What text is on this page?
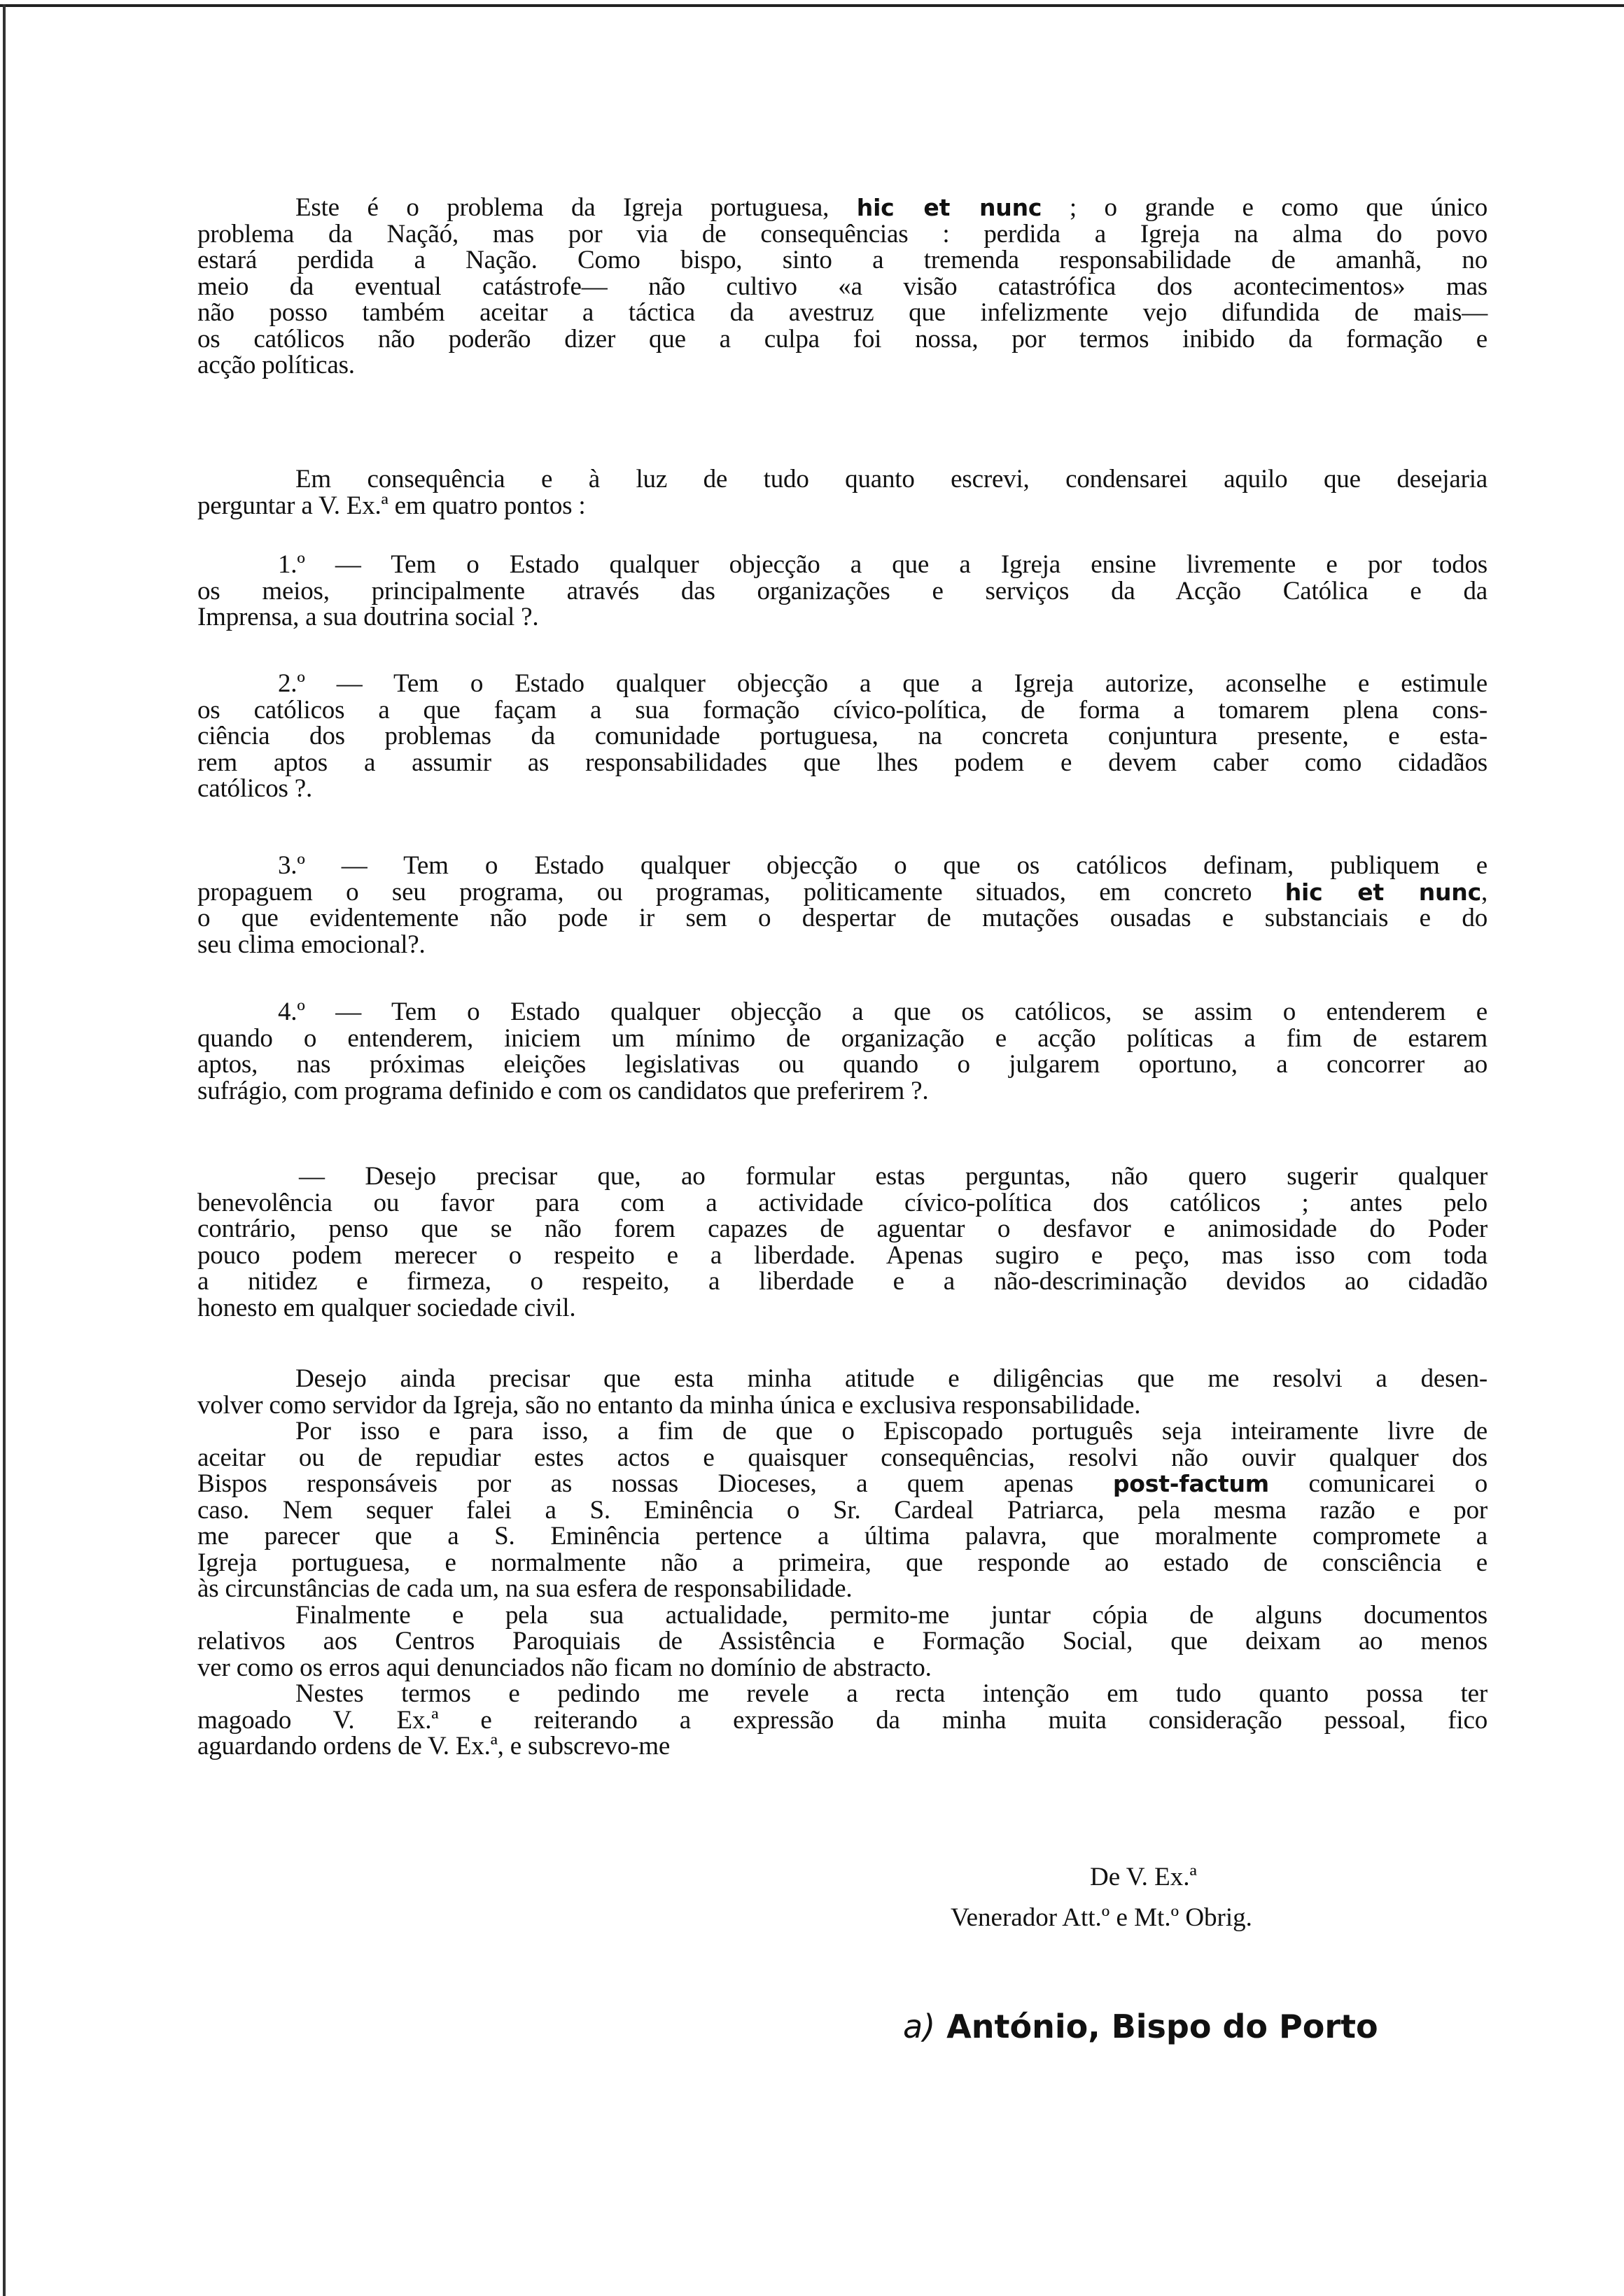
Este é o problema da Igreja portuguesa, hic et nunc ; o grande e como que único
problema da Naçãó, mas por via de consequências : perdida a Igreja na alma do povo
estará perdida a Nação. Como bispo, sinto a tremenda responsabilidade de amanhã, no
meio da eventual catástrofe— não cultivo «a visão catastrófica dos acontecimentos» mas
não posso também aceitar a táctica da avestruz que infelizmente vejo difundida de mais—
os católicos não poderão dizer que a culpa foi nossa, por termos inibido da formação e
acção políticas.
Em consequência e à luz de tudo quanto escrevi, condensarei aquilo que desejaria
perguntar a V. Ex.ª em quatro pontos :
1.º — Tem o Estado qualquer objecção a que a Igreja ensine livremente e por todos
os meios, principalmente através das organizações e serviços da Acção Católica e da
Imprensa, a sua doutrina social ?.
2.º — Tem o Estado qualquer objecção a que a Igreja autorize, aconselhe e estimule
os católicos a que façam a sua formação cívico-política, de forma a tomarem plena cons-
ciência dos problemas da comunidade portuguesa, na concreta conjuntura presente, e esta-
rem aptos a assumir as responsabilidades que lhes podem e devem caber como cidadãos
católicos ?.
3.º — Tem o Estado qualquer objecção o que os católicos definam, publiquem e
propaguem o seu programa, ou programas, politicamente situados, em concreto hic et nunc,
o que evidentemente não pode ir sem o despertar de mutações ousadas e substanciais e do
seu clima emocional?.
4.º — Tem o Estado qualquer objecção a que os católicos, se assim o entenderem e
quando o entenderem, iniciem um mínimo de organização e acção políticas a fim de estarem
aptos, nas próximas eleições legislativas ou quando o julgarem oportuno, a concorrer ao
sufrágio, com programa definido e com os candidatos que preferirem ?.
— Desejo precisar que, ao formular estas perguntas, não quero sugerir qualquer
benevolência ou favor para com a actividade cívico-política dos católicos ; antes pelo
contrário, penso que se não forem capazes de aguentar o desfavor e animosidade do Poder
pouco podem merecer o respeito e a liberdade. Apenas sugiro e peço, mas isso com toda
a nitidez e firmeza, o respeito, a liberdade e a não-descriminação devidos ao cidadão
honesto em qualquer sociedade civil.
Desejo ainda precisar que esta minha atitude e diligências que me resolvi a desen-
volver como servidor da Igreja, são no entanto da minha única e exclusiva responsabilidade.
Por isso e para isso, a fim de que o Episcopado português seja inteiramente livre de
aceitar ou de repudiar estes actos e quaisquer consequências, resolvi não ouvir qualquer dos
Bispos responsáveis por as nossas Dioceses, a quem apenas post-factum comunicarei o
caso. Nem sequer falei a S. Eminência o Sr. Cardeal Patriarca, pela mesma razão e por
me parecer que a S. Eminência pertence a última palavra, que moralmente compromete a
Igreja portuguesa, e normalmente não a primeira, que responde ao estado de consciência e
às circunstâncias de cada um, na sua esfera de responsabilidade.
Finalmente e pela sua actualidade, permito-me juntar cópia de alguns documentos
relativos aos Centros Paroquiais de Assistência e Formação Social, que deixam ao menos
ver como os erros aqui denunciados não ficam no domínio de abstracto.
Nestes termos e pedindo me revele a recta intenção em tudo quanto possa ter
magoado V. Ex.ª e reiterando a expressão da minha muita consideração pessoal, fico
aguardando ordens de V. Ex.ª, e subscrevo-me
De V. Ex.ª
Venerador Att.º e Mt.º Obrig.
a) António, Bispo do Porto
